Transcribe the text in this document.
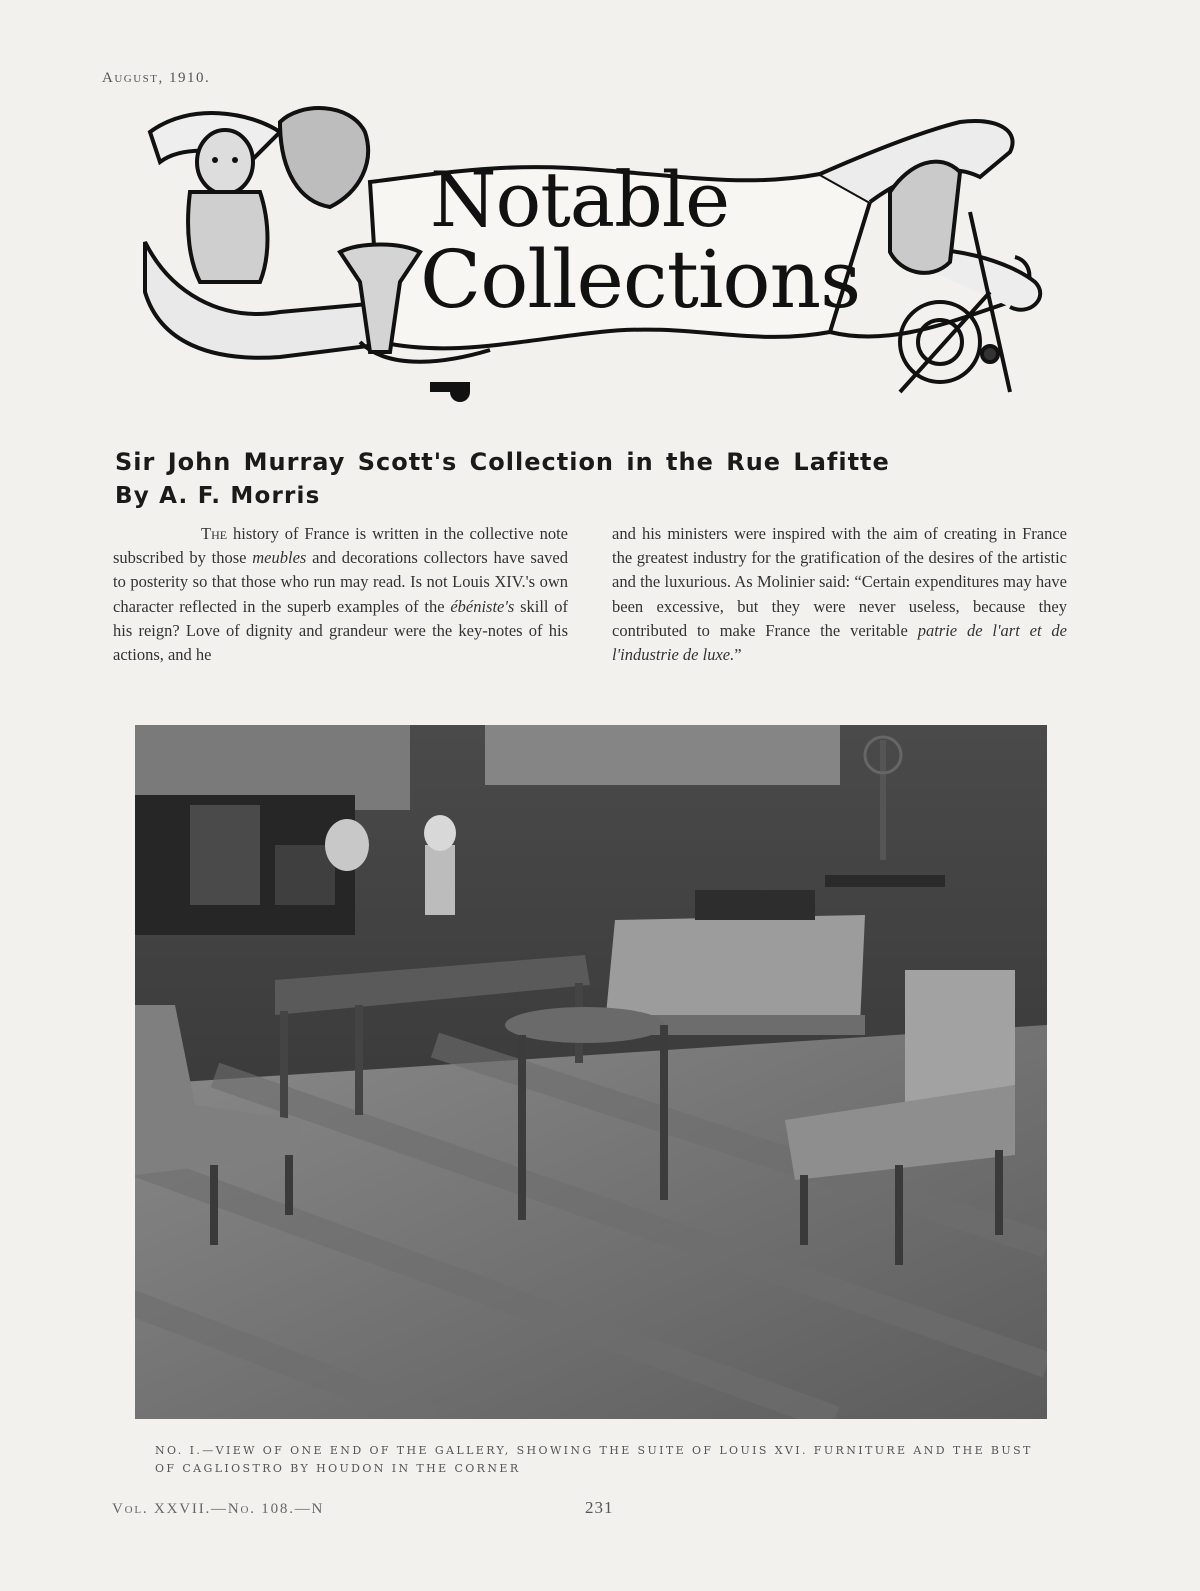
August, 1910.
Notable
Collections
Sir John Murray Scott's Collection in the Rue Lafitte
By A. F. Morris

The history of France is written in the collective note subscribed by those meubles and decorations collectors have saved to posterity so that those who run may read. Is not Louis XIV.'s own character reflected in the superb examples of the ébéniste's skill of his reign? Love of dignity and grandeur were the key-notes of his actions, and he

and his ministers were inspired with the aim of creating in France the greatest industry for the gratification of the desires of the artistic and the luxurious. As Molinier said: “Certain expenditures may have been excessive, but they were never useless, because they contributed to make France the veritable patrie de l'art et de l'industrie de luxe.”

NO. I.—VIEW OF ONE END OF THE GALLERY, SHOWING THE SUITE OF LOUIS XVI. FURNITURE AND THE BUST OF CAGLIOSTRO BY HOUDON IN THE CORNER
Vol. XXVII.—No. 108.—N	231
